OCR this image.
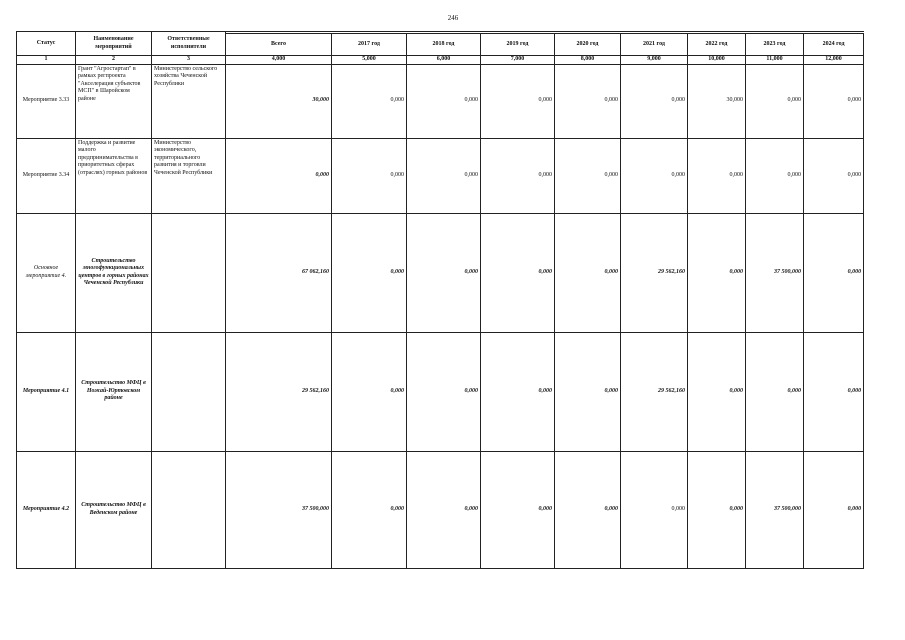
246
Статус	Наименование мероприятий	Ответственные исполнители									
			Всего	2017 год	2018 год	2019 год	2020 год	2021 год	2022 год	2023 год	2024 год
1	2	3	4,000	5,000	6,000	7,000	8,000	9,000	10,000	11,000	12,000
Мероприятие 3.33	Грант "Агростартап" в рамках регпроекта "Акселерация субъектов МСП" в Шаройском районе	Министерство сельского хозяйства Чеченской Республики	30,000	0,000	0,000	0,000	0,000	0,000	30,000	0,000	0,000
Мероприятие 3.34	Поддержка и развитие малого предпринимательства в приоритетных сферах (отраслях) горных районов	Министерство экономического, территориального развития и торговли Чеченской Республики	0,000	0,000	0,000	0,000	0,000	0,000	0,000	0,000	0,000
Основное мероприятие 4.	Строительство многофункциональных центров в горных районах Чеченской Республики		67 062,160	0,000	0,000	0,000	0,000	29 562,160	0,000	37 500,000	0,000
Мероприятие 4.1	Строительство МФЦ в Ножай-Юртовском районе		29 562,160	0,000	0,000	0,000	0,000	29 562,160	0,000	0,000	0,000
Мероприятие 4.2	Строительство МФЦ в Веденском районе		37 500,000	0,000	0,000	0,000	0,000	0,000	0,000	37 500,000	0,000
